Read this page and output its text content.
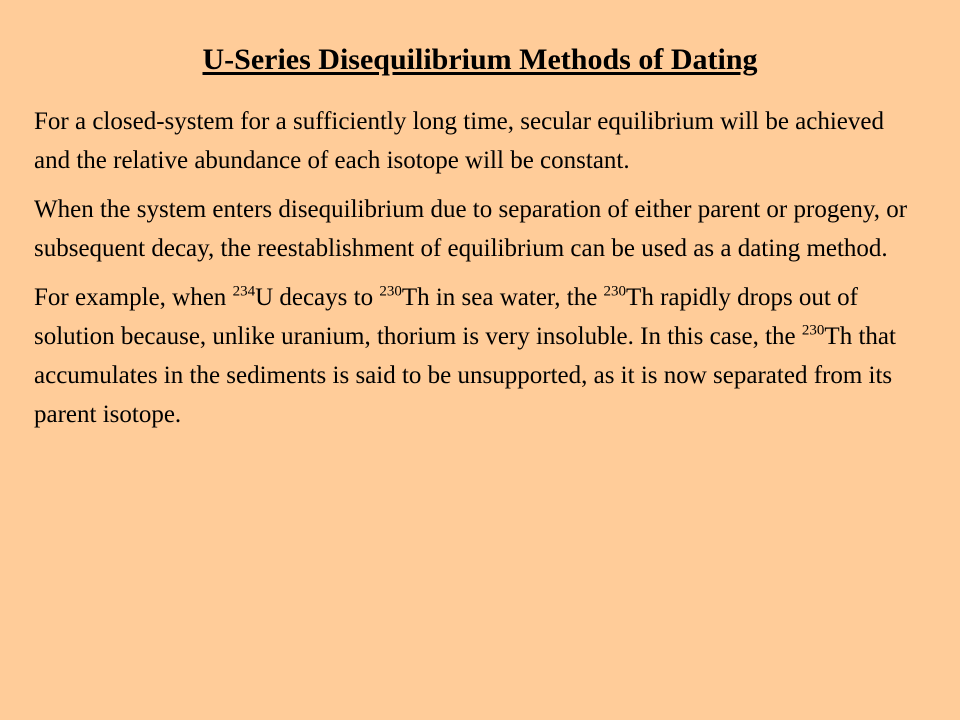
U-Series Disequilibrium Methods of Dating

For a closed-system for a sufficiently long time, secular equilibrium will be achieved and the relative abundance of each isotope will be constant.

When the system enters disequilibrium due to separation of either parent or progeny, or subsequent decay, the reestablishment of equilibrium can be used as a dating method.

For example, when $^{234}$U decays to $^{230}$Th in sea water, the $^{230}$Th rapidly drops out of solution because, unlike uranium, thorium is very insoluble. In this case, the $^{230}$Th that accumulates in the sediments is said to be unsupported, as it is now separated from its parent isotope.
